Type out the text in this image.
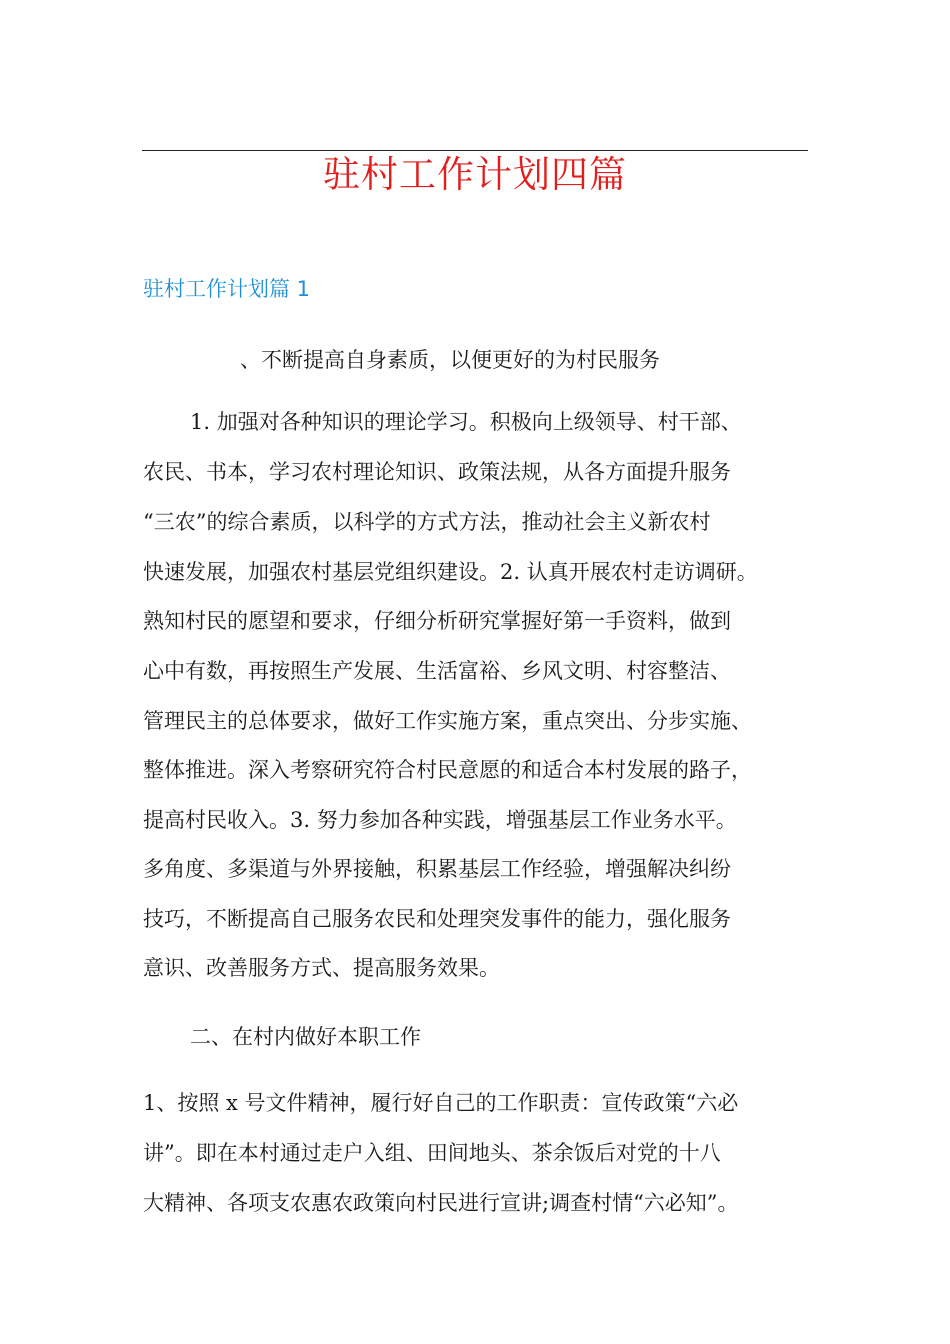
驻村工作计划四篇
驻村工作计划篇 1
、不断提高自身素质，以便更好的为村民服务
1. 加强对各种知识的理论学习。积极向上级领导、村干部、
农民、书本，学习农村理论知识、政策法规，从各方面提升服务
“三农”的综合素质，以科学的方式方法，推动社会主义新农村
快速发展，加强农村基层党组织建设。2. 认真开展农村走访调研。
熟知村民的愿望和要求，仔细分析研究掌握好第一手资料，做到
心中有数，再按照生产发展、生活富裕、乡风文明、村容整洁、
管理民主的总体要求，做好工作实施方案，重点突出、分步实施、
整体推进。深入考察研究符合村民意愿的和适合本村发展的路子，
提高村民收入。3. 努力参加各种实践，增强基层工作业务水平。
多角度、多渠道与外界接触，积累基层工作经验，增强解决纠纷
技巧，不断提高自己服务农民和处理突发事件的能力，强化服务
意识、改善服务方式、提高服务效果。
二、在村内做好本职工作
1、按照 x 号文件精神，履行好自己的工作职责：宣传政策“六必
讲”。即在本村通过走户入组、田间地头、茶余饭后对党的十八
大精神、各项支农惠农政策向村民进行宣讲;调查村情“六必知”。
